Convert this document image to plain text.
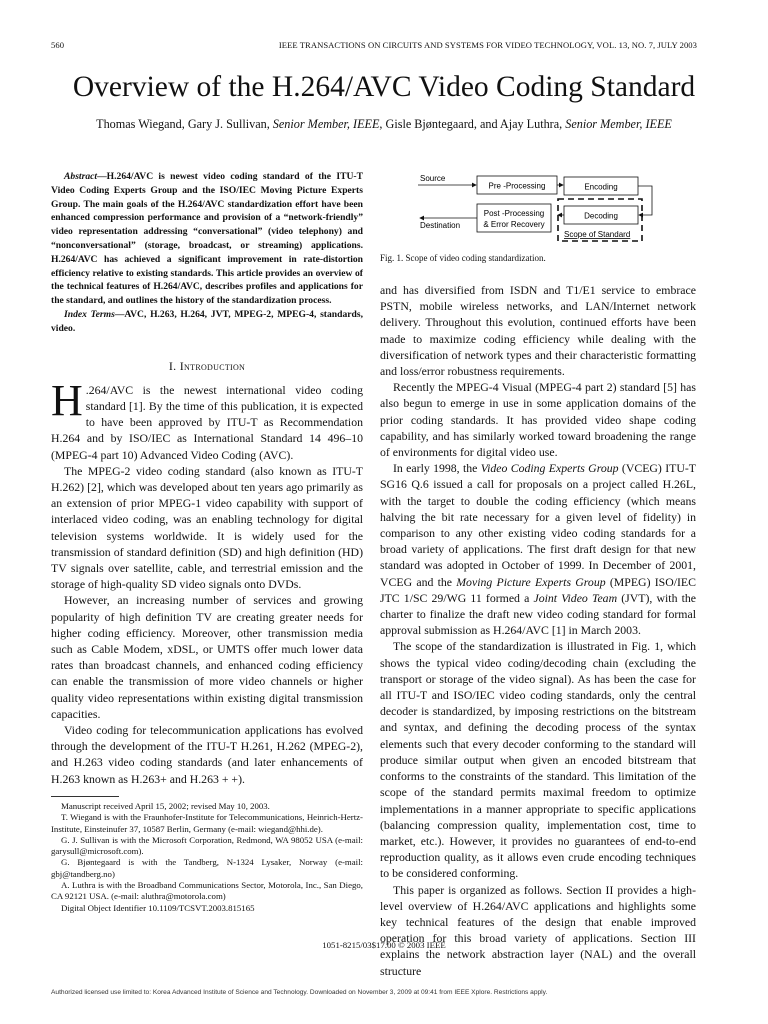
560	IEEE TRANSACTIONS ON CIRCUITS AND SYSTEMS FOR VIDEO TECHNOLOGY, VOL. 13, NO. 7, JULY 2003
Overview of the H.264/AVC Video Coding Standard
Thomas Wiegand, Gary J. Sullivan, Senior Member, IEEE, Gisle Bjøntegaard, and Ajay Luthra, Senior Member, IEEE

Abstract—H.264/AVC is newest video coding standard of the ITU-T Video Coding Experts Group and the ISO/IEC Moving Picture Experts Group. The main goals of the H.264/AVC standardization effort have been enhanced compression performance and provision of a “network-friendly” video representation addressing “conversational” (video telephony) and “nonconversational” (storage, broadcast, or streaming) applications. H.264/AVC has achieved a significant improvement in rate-distortion efficiency relative to existing standards. This article provides an overview of the technical features of H.264/AVC, describes profiles and applications for the standard, and outlines the history of the standardization process.

Index Terms—AVC, H.263, H.264, JVT, MPEG-2, MPEG-4, standards, video.

I. Introduction

H .264/AVC is the newest international video coding standard [1]. By the time of this publication, it is expected to have been approved by ITU-T as Recommendation H.264 and by ISO/IEC as International Standard 14 496–10 (MPEG-4 part 10) Advanced Video Coding (AVC).

The MPEG-2 video coding standard (also known as ITU-T H.262) [2], which was developed about ten years ago primarily as an extension of prior MPEG-1 video capability with support of interlaced video coding, was an enabling technology for digital television systems worldwide. It is widely used for the transmission of standard definition (SD) and high definition (HD) TV signals over satellite, cable, and terrestrial emission and the storage of high-quality SD video signals onto DVDs.

However, an increasing number of services and growing popularity of high definition TV are creating greater needs for higher coding efficiency. Moreover, other transmission media such as Cable Modem, xDSL, or UMTS offer much lower data rates than broadcast channels, and enhanced coding efficiency can enable the transmission of more video channels or higher quality video representations within existing digital transmission capacities.

Video coding for telecommunication applications has evolved through the development of the ITU-T H.261, H.262 (MPEG-2), and H.263 video coding standards (and later enhancements of H.263 known as H.263+ and H.263 + +).

Manuscript received April 15, 2002; revised May 10, 2003.

T. Wiegand is with the Fraunhofer-Institute for Telecommunications, Heinrich-Hertz-Institute, Einsteinufer 37, 10587 Berlin, Germany (e-mail: wiegand@hhi.de).

G. J. Sullivan is with the Microsoft Corporation, Redmond, WA 98052 USA (e-mail: garysull@microsoft.com).

G. Bjøntegaard is with the Tandberg, N-1324 Lysaker, Norway (e-mail: gbj@tandberg.no)

A. Luthra is with the Broadband Communications Sector, Motorola, Inc., San Diego, CA 92121 USA. (e-mail: aluthra@motorola.com)

Digital Object Identifier 10.1109/TCSVT.2003.815165

Source
Pre -Processing	Encoding
Decoding
Post -Processing
& Error Recovery
Destination
Scope of Standard
Fig. 1. Scope of video coding standardization.

and has diversified from ISDN and T1/E1 service to embrace PSTN, mobile wireless networks, and LAN/Internet network delivery. Throughout this evolution, continued efforts have been made to maximize coding efficiency while dealing with the diversification of network types and their characteristic formatting and loss/error robustness requirements.

Recently the MPEG-4 Visual (MPEG-4 part 2) standard [5] has also begun to emerge in use in some application domains of the prior coding standards. It has provided video shape coding capability, and has similarly worked toward broadening the range of environments for digital video use.

In early 1998, the Video Coding Experts Group (VCEG) ITU-T SG16 Q.6 issued a call for proposals on a project called H.26L, with the target to double the coding efficiency (which means halving the bit rate necessary for a given level of fidelity) in comparison to any other existing video coding standards for a broad variety of applications. The first draft design for that new standard was adopted in October of 1999. In December of 2001, VCEG and the Moving Picture Experts Group (MPEG) ISO/IEC JTC 1/SC 29/WG 11 formed a Joint Video Team (JVT), with the charter to finalize the draft new video coding standard for formal approval submission as H.264/AVC [1] in March 2003.

The scope of the standardization is illustrated in Fig. 1, which shows the typical video coding/decoding chain (excluding the transport or storage of the video signal). As has been the case for all ITU-T and ISO/IEC video coding standards, only the central decoder is standardized, by imposing restrictions on the bitstream and syntax, and defining the decoding process of the syntax elements such that every decoder conforming to the standard will produce similar output when given an encoded bitstream that conforms to the constraints of the standard. This limitation of the scope of the standard permits maximal freedom to optimize implementations in a manner appropriate to specific applications (balancing compression quality, implementation cost, time to market, etc.). However, it provides no guarantees of end-to-end reproduction quality, as it allows even crude encoding techniques to be considered conforming.

This paper is organized as follows. Section II provides a high-level overview of H.264/AVC applications and highlights some key technical features of the design that enable improved operation for this broad variety of applications. Section III explains the network abstraction layer (NAL) and the overall structure

1051-8215/03$17.00 © 2003 IEEE
Authorized licensed use limited to: Korea Advanced Institute of Science and Technology. Downloaded on November 3, 2009 at 09:41 from IEEE Xplore. Restrictions apply.
